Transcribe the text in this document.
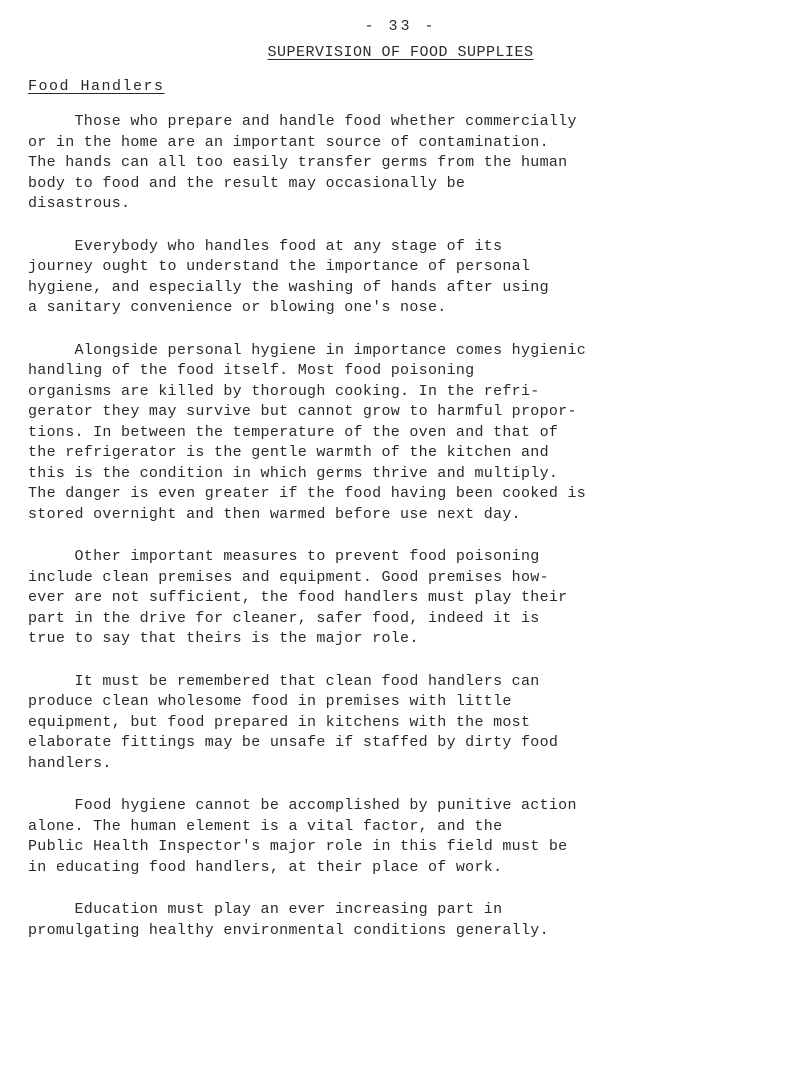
- 33 -
SUPERVISION OF FOOD SUPPLIES
Food Handlers
Those who prepare and handle food whether commercially
or in the home are an important source of contamination.
The hands can all too easily transfer germs from the human
body to food and the result may occasionally be
disastrous.
Everybody who handles food at any stage of its
journey ought to understand the importance of personal
hygiene, and especially the washing of hands after using
a sanitary convenience or blowing one's nose.
Alongside personal hygiene in importance comes hygienic
handling of the food itself. Most food poisoning
organisms are killed by thorough cooking. In the refri-
gerator they may survive but cannot grow to harmful propor-
tions. In between the temperature of the oven and that of
the refrigerator is the gentle warmth of the kitchen and
this is the condition in which germs thrive and multiply.
The danger is even greater if the food having been cooked is
stored overnight and then warmed before use next day.
Other important measures to prevent food poisoning
include clean premises and equipment. Good premises how-
ever are not sufficient, the food handlers must play their
part in the drive for cleaner, safer food, indeed it is
true to say that theirs is the major role.
It must be remembered that clean food handlers can
produce clean wholesome food in premises with little
equipment, but food prepared in kitchens with the most
elaborate fittings may be unsafe if staffed by dirty food
handlers.
Food hygiene cannot be accomplished by punitive action
alone. The human element is a vital factor, and the
Public Health Inspector's major role in this field must be
in educating food handlers, at their place of work.
Education must play an ever increasing part in
promulgating healthy environmental conditions generally.
